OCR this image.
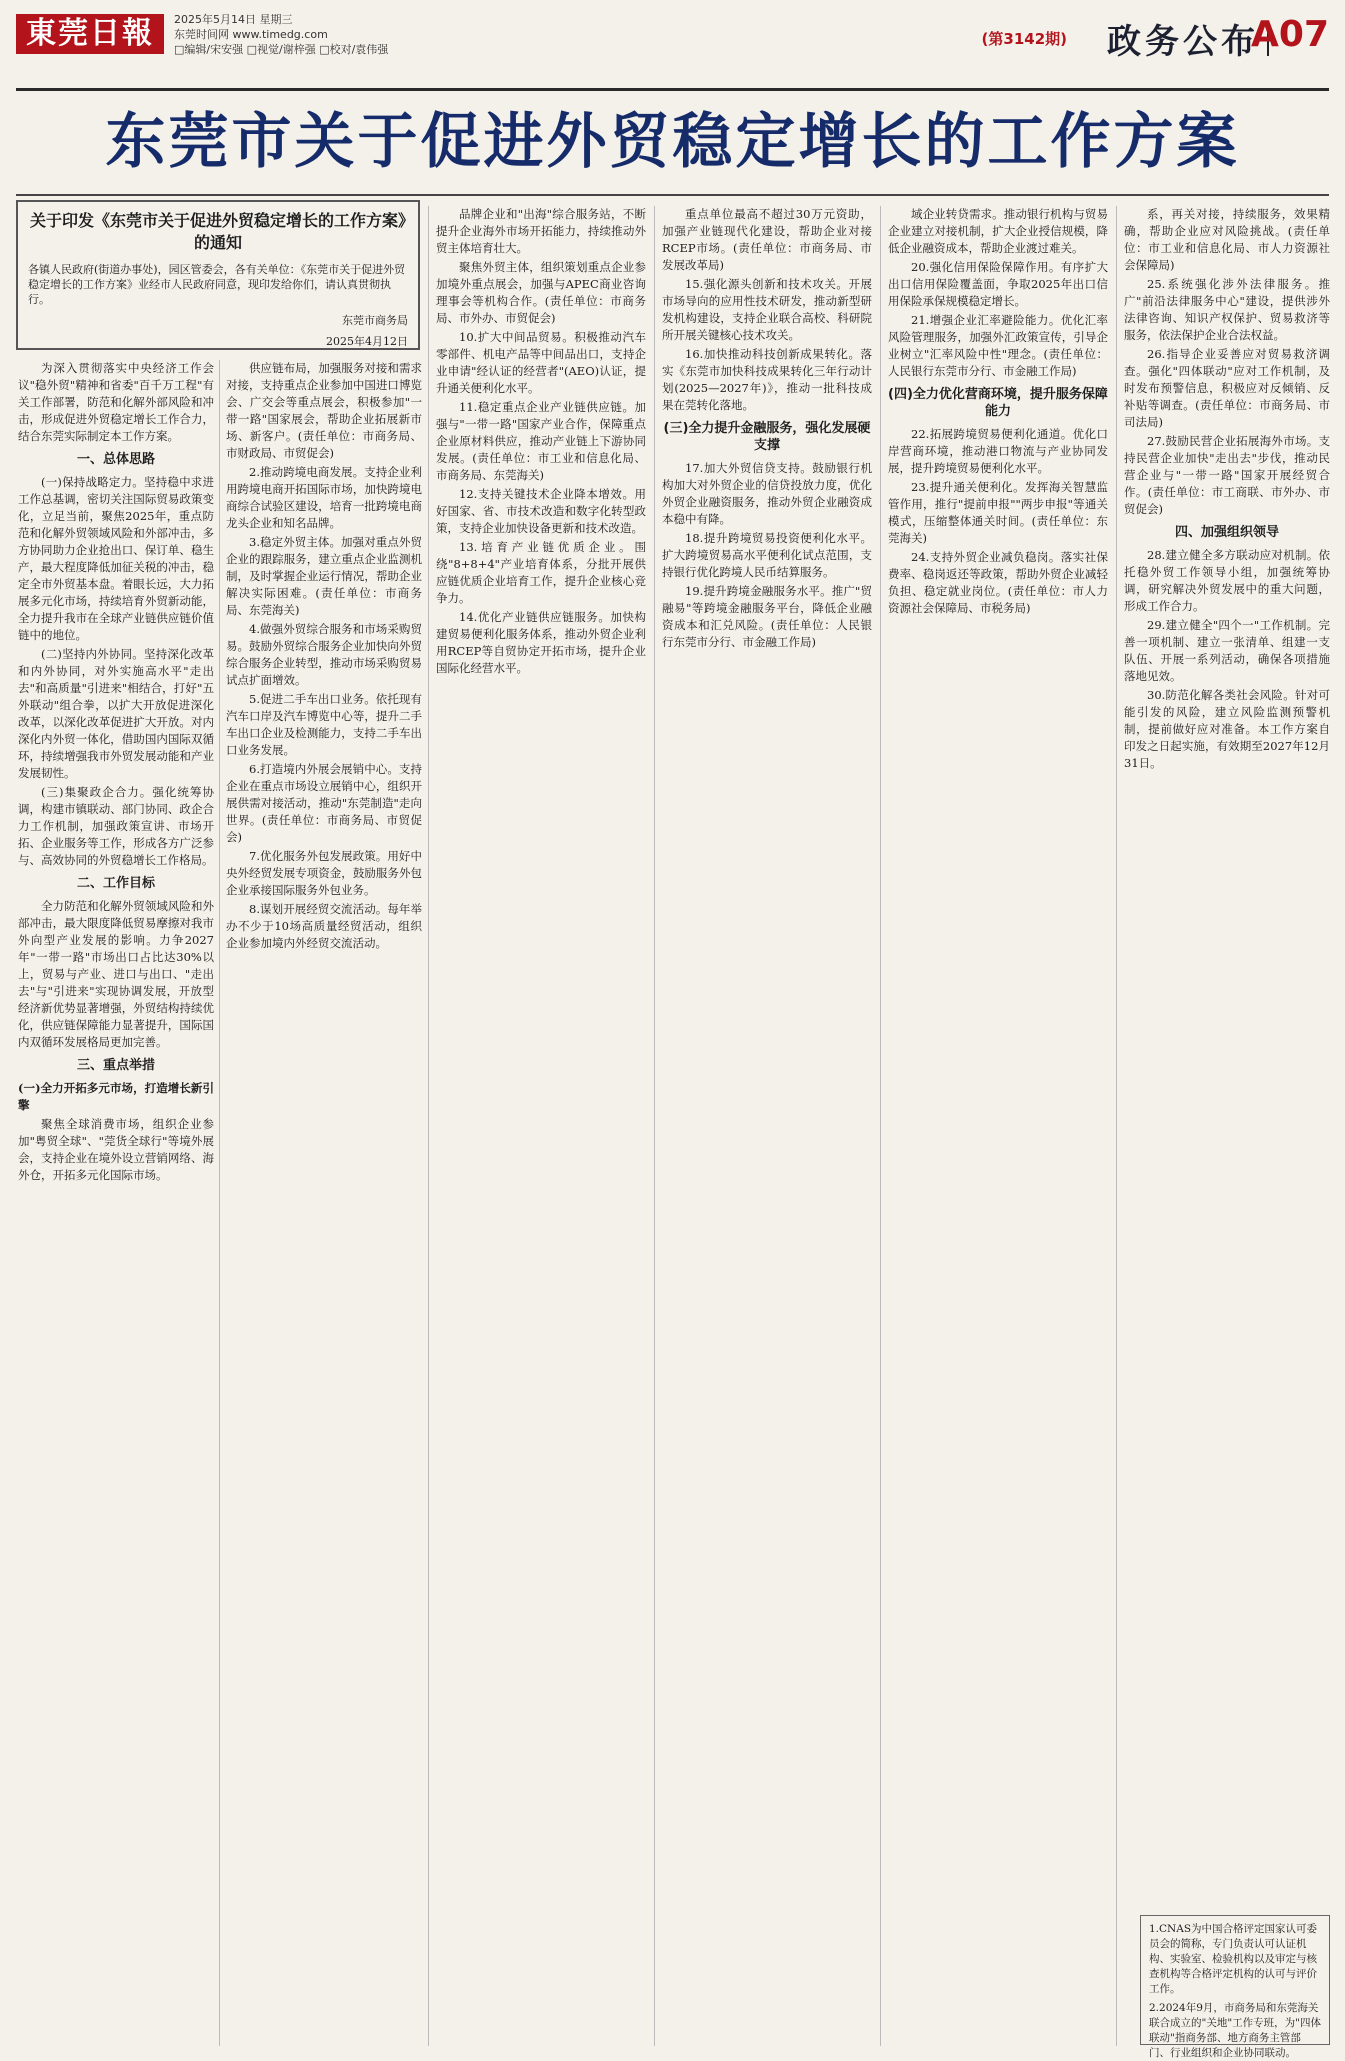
東莞日報	2025年5月14日 星期三
东莞时间网 www.timedg.com
□编辑/宋安强 □视觉/谢梓强 □校对/袁伟强
(第3142期) 政务公布
A07
东莞市关于促进外贸稳定增长的工作方案
关于印发《东莞市关于促进外贸稳定增长的工作方案》的通知
各镇人民政府(街道办事处)，园区管委会，各有关单位：《东莞市关于促进外贸稳定增长的工作方案》业经市人民政府同意，现印发给你们，请认真贯彻执行。
东莞市商务局
2025年4月12日

为深入贯彻落实中央经济工作会议"稳外贸"精神和省委"百千万工程"有关工作部署，防范和化解外部风险和冲击，形成促进外贸稳定增长工作合力，结合东莞实际制定本工作方案。

一、总体思路

(一)保持战略定力。坚持稳中求进工作总基调，密切关注国际贸易政策变化，立足当前，聚焦2025年，重点防范和化解外贸领域风险和外部冲击，多方协同助力企业抢出口、保订单、稳生产，最大程度降低加征关税的冲击，稳定全市外贸基本盘。着眼长远，大力拓展多元化市场，持续培育外贸新动能，全力提升我市在全球产业链供应链价值链中的地位。

(二)坚持内外协同。坚持深化改革和内外协同，对外实施高水平"走出去"和高质量"引进来"相结合，打好"五外联动"组合拳，以扩大开放促进深化改革，以深化改革促进扩大开放。对内深化内外贸一体化，借助国内国际双循环，持续增强我市外贸发展动能和产业发展韧性。

(三)集聚政企合力。强化统筹协调，构建市镇联动、部门协同、政企合力工作机制，加强政策宣讲、市场开拓、企业服务等工作，形成各方广泛参与、高效协同的外贸稳增长工作格局。

二、工作目标

全力防范和化解外贸领域风险和外部冲击，最大限度降低贸易摩擦对我市外向型产业发展的影响。力争2027年"一带一路"市场出口占比达30%以上，贸易与产业、进口与出口、"走出去"与"引进来"实现协调发展，开放型经济新优势显著增强，外贸结构持续优化，供应链保障能力显著提升，国际国内双循环发展格局更加完善。

三、重点举措

(一)全力开拓多元市场，打造增长新引擎

聚焦全球消费市场，组织企业参加"粤贸全球"、"莞货全球行"等境外展会，支持企业在境外设立营销网络、海外仓，开拓多元化国际市场。

供应链布局，加强服务对接和需求对接，支持重点企业参加中国进口博览会、广交会等重点展会，积极参加"一带一路"国家展会，帮助企业拓展新市场、新客户。(责任单位：市商务局、市财政局、市贸促会)

2.推动跨境电商发展。支持企业利用跨境电商开拓国际市场，加快跨境电商综合试验区建设，培育一批跨境电商龙头企业和知名品牌。

3.稳定外贸主体。加强对重点外贸企业的跟踪服务，建立重点企业监测机制，及时掌握企业运行情况，帮助企业解决实际困难。(责任单位：市商务局、东莞海关)

4.做强外贸综合服务和市场采购贸易。鼓励外贸综合服务企业加快向外贸综合服务企业转型，推动市场采购贸易试点扩面增效。

5.促进二手车出口业务。依托现有汽车口岸及汽车博览中心等，提升二手车出口企业及检测能力，支持二手车出口业务发展。

6.打造境内外展会展销中心。支持企业在重点市场设立展销中心，组织开展供需对接活动，推动"东莞制造"走向世界。(责任单位：市商务局、市贸促会)

7.优化服务外包发展政策。用好中央外经贸发展专项资金，鼓励服务外包企业承接国际服务外包业务。

8.谋划开展经贸交流活动。每年举办不少于10场高质量经贸活动，组织企业参加境内外经贸交流活动。

品牌企业和"出海"综合服务站，不断提升企业海外市场开拓能力，持续推动外贸主体培育壮大。

聚焦外贸主体，组织策划重点企业参加境外重点展会，加强与APEC商业咨询理事会等机构合作。(责任单位：市商务局、市外办、市贸促会)

10.扩大中间品贸易。积极推动汽车零部件、机电产品等中间品出口，支持企业申请"经认证的经营者"(AEO)认证，提升通关便利化水平。

11.稳定重点企业产业链供应链。加强与"一带一路"国家产业合作，保障重点企业原材料供应，推动产业链上下游协同发展。(责任单位：市工业和信息化局、市商务局、东莞海关)

12.支持关键技术企业降本增效。用好国家、省、市技术改造和数字化转型政策，支持企业加快设备更新和技术改造。

13.培育产业链优质企业。围绕"8+8+4"产业培育体系，分批开展供应链优质企业培育工作，提升企业核心竞争力。

14.优化产业链供应链服务。加快构建贸易便利化服务体系，推动外贸企业利用RCEP等自贸协定开拓市场，提升企业国际化经营水平。

重点单位最高不超过30万元资助，加强产业链现代化建设，帮助企业对接RCEP市场。(责任单位：市商务局、市发展改革局)

15.强化源头创新和技术攻关。开展市场导向的应用性技术研发，推动新型研发机构建设，支持企业联合高校、科研院所开展关键核心技术攻关。

16.加快推动科技创新成果转化。落实《东莞市加快科技成果转化三年行动计划(2025—2027年)》，推动一批科技成果在莞转化落地。

(三)全力提升金融服务，强化发展硬支撑

17.加大外贸信贷支持。鼓励银行机构加大对外贸企业的信贷投放力度，优化外贸企业融资服务，推动外贸企业融资成本稳中有降。

18.提升跨境贸易投资便利化水平。扩大跨境贸易高水平便利化试点范围，支持银行优化跨境人民币结算服务。

19.提升跨境金融服务水平。推广"贸融易"等跨境金融服务平台，降低企业融资成本和汇兑风险。(责任单位：人民银行东莞市分行、市金融工作局)

域企业转贷需求。推动银行机构与贸易企业建立对接机制，扩大企业授信规模，降低企业融资成本，帮助企业渡过难关。

20.强化信用保险保障作用。有序扩大出口信用保险覆盖面，争取2025年出口信用保险承保规模稳定增长。

21.增强企业汇率避险能力。优化汇率风险管理服务，加强外汇政策宣传，引导企业树立"汇率风险中性"理念。(责任单位：人民银行东莞市分行、市金融工作局)

(四)全力优化营商环境，提升服务保障能力

22.拓展跨境贸易便利化通道。优化口岸营商环境，推动港口物流与产业协同发展，提升跨境贸易便利化水平。

23.提升通关便利化。发挥海关智慧监管作用，推行"提前申报""两步申报"等通关模式，压缩整体通关时间。(责任单位：东莞海关)

24.支持外贸企业减负稳岗。落实社保费率、稳岗返还等政策，帮助外贸企业减轻负担、稳定就业岗位。(责任单位：市人力资源社会保障局、市税务局)

系，再关对接，持续服务，效果精确，帮助企业应对风险挑战。(责任单位：市工业和信息化局、市人力资源社会保障局)

25.系统强化涉外法律服务。推广"前沿法律服务中心"建设，提供涉外法律咨询、知识产权保护、贸易救济等服务，依法保护企业合法权益。

26.指导企业妥善应对贸易救济调查。强化"四体联动"应对工作机制，及时发布预警信息，积极应对反倾销、反补贴等调查。(责任单位：市商务局、市司法局)

27.鼓励民营企业拓展海外市场。支持民营企业加快"走出去"步伐，推动民营企业与"一带一路"国家开展经贸合作。(责任单位：市工商联、市外办、市贸促会)

四、加强组织领导

28.建立健全多方联动应对机制。依托稳外贸工作领导小组，加强统筹协调，研究解决外贸发展中的重大问题，形成工作合力。

29.建立健全"四个一"工作机制。完善一项机制、建立一张清单、组建一支队伍、开展一系列活动，确保各项措施落地见效。

30.防范化解各类社会风险。针对可能引发的风险，建立风险监测预警机制，提前做好应对准备。本工作方案自印发之日起实施，有效期至2027年12月31日。

1.CNAS为中国合格评定国家认可委员会的简称，专门负责认可认证机构、实验室、检验机构以及审定与核查机构等合格评定机构的认可与评价工作。

2.2024年9月，市商务局和东莞海关联合成立的"关地"工作专班，为"四体联动"指商务部、地方商务主管部门、行业组织和企业协同联动。
